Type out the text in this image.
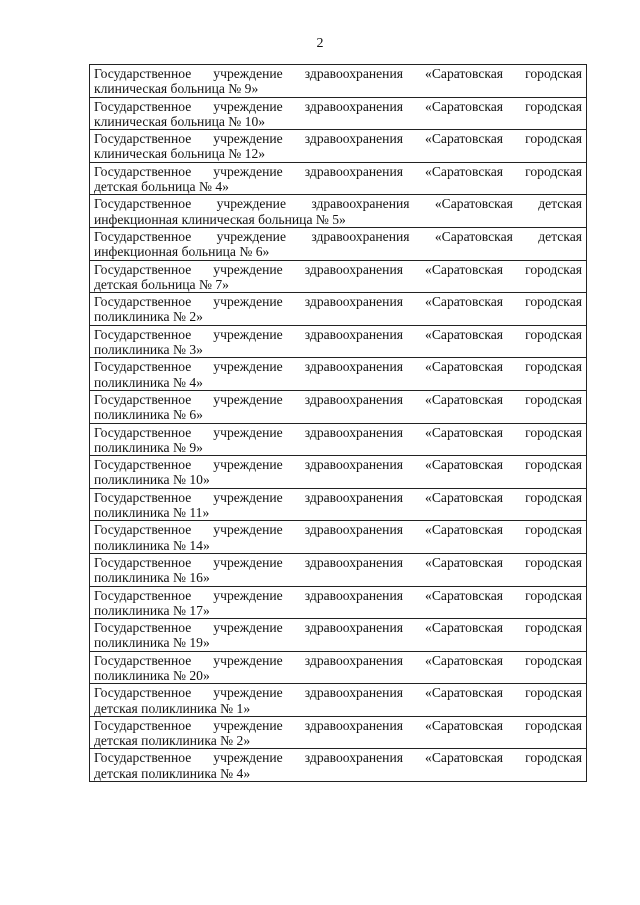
2
Государственное учреждение здравоохранения «Саратовская городская
клиническая больница № 9»

Государственное учреждение здравоохранения «Саратовская городская
клиническая больница № 10»

Государственное учреждение здравоохранения «Саратовская городская
клиническая больница № 12»

Государственное учреждение здравоохранения «Саратовская городская
детская больница № 4»

Государственное учреждение здравоохранения «Саратовская детская
инфекционная клиническая больница № 5»

Государственное учреждение здравоохранения «Саратовская детская
инфекционная больница № 6»

Государственное учреждение здравоохранения «Саратовская городская
детская больница № 7»

Государственное учреждение здравоохранения «Саратовская городская
поликлиника № 2»

Государственное учреждение здравоохранения «Саратовская городская
поликлиника № 3»

Государственное учреждение здравоохранения «Саратовская городская
поликлиника № 4»

Государственное учреждение здравоохранения «Саратовская городская
поликлиника № 6»

Государственное учреждение здравоохранения «Саратовская городская
поликлиника № 9»

Государственное учреждение здравоохранения «Саратовская городская
поликлиника № 10»

Государственное учреждение здравоохранения «Саратовская городская
поликлиника № 11»

Государственное учреждение здравоохранения «Саратовская городская
поликлиника № 14»

Государственное учреждение здравоохранения «Саратовская городская
поликлиника № 16»

Государственное учреждение здравоохранения «Саратовская городская
поликлиника № 17»

Государственное учреждение здравоохранения «Саратовская городская
поликлиника № 19»

Государственное учреждение здравоохранения «Саратовская городская
поликлиника № 20»

Государственное учреждение здравоохранения «Саратовская городская
детская поликлиника № 1»

Государственное учреждение здравоохранения «Саратовская городская
детская поликлиника № 2»

Государственное учреждение здравоохранения «Саратовская городская
детская поликлиника № 4»
